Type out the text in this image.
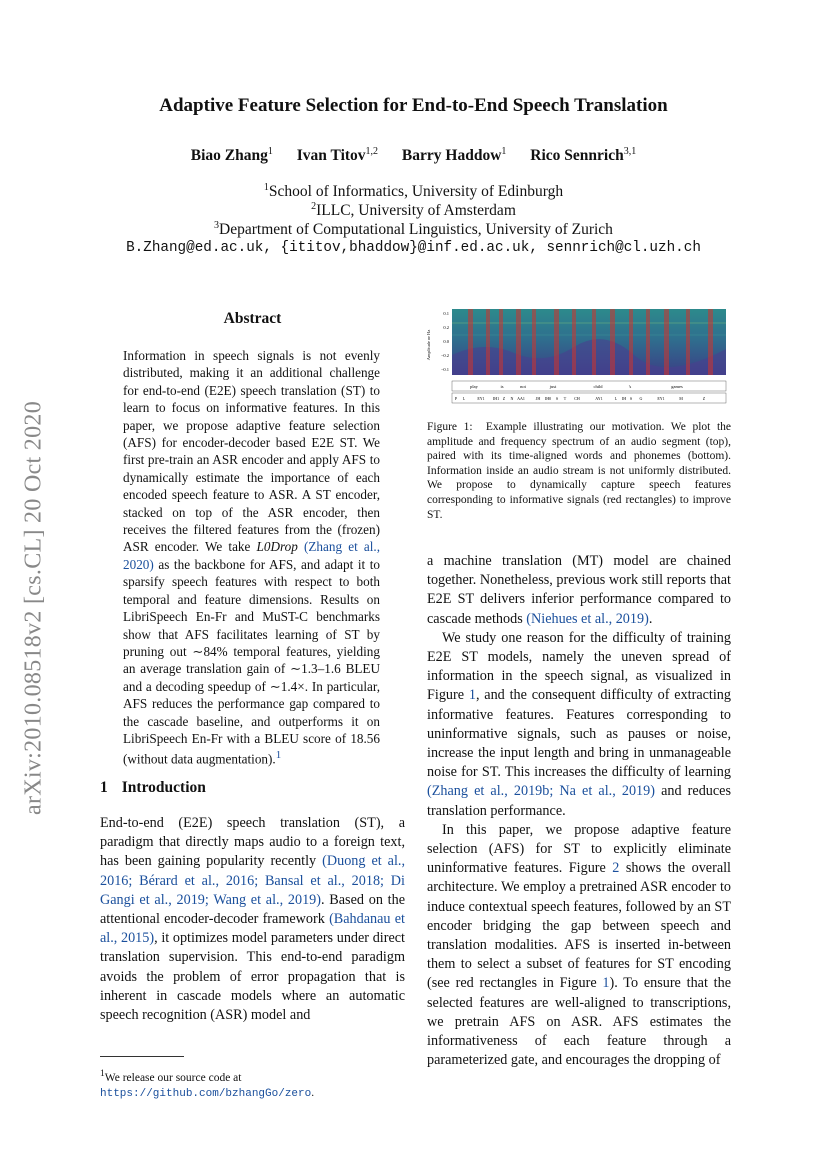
arXiv:2010.08518v2 [cs.CL] 20 Oct 2020
Adaptive Feature Selection for End-to-End Speech Translation
Biao Zhang$^1$ Ivan Titov$^{1,2}$ Barry Haddow$^1$ Rico Sennrich$^{3,1}$
$^1$School of Informatics, University of Edinburgh
$^2$ILLC, University of Amsterdam
$^3$Department of Computational Linguistics, University of Zurich
B.Zhang@ed.ac.uk, {ititov,bhaddow}@inf.ed.ac.uk, sennrich@cl.uzh.ch
Abstract
Information in speech signals is not evenly distributed, making it an additional challenge for end-to-end (E2E) speech translation (ST) to learn to focus on informative features. In this paper, we propose adaptive feature selection (AFS) for encoder-decoder based E2E ST. We first pre-train an ASR encoder and apply AFS to dynamically estimate the importance of each encoded speech feature to ASR. A ST encoder, stacked on top of the ASR encoder, then receives the filtered features from the (frozen) ASR encoder. We take L0Drop (Zhang et al., 2020) as the backbone for AFS, and adapt it to sparsify speech features with respect to both temporal and feature dimensions. Results on LibriSpeech En-Fr and MuST-C benchmarks show that AFS facilitates learning of ST by pruning out ∼84% temporal features, yielding an average translation gain of ∼1.3–1.6 BLEU and a decoding speedup of ∼1.4×. In particular, AFS reduces the performance gap compared to the cascade baseline, and outperforms it on LibriSpeech En-Fr with a BLEU score of 18.56 (without data augmentation).$^1$
1 Introduction

End-to-end (E2E) speech translation (ST), a paradigm that directly maps audio to a foreign text, has been gaining popularity recently (Duong et al., 2016; Bérard et al., 2016; Bansal et al., 2018; Di Gangi et al., 2019; Wang et al., 2019). Based on the attentional encoder-decoder framework (Bahdanau et al., 2015), it optimizes model parameters under direct translation supervision. This end-to-end paradigm avoids the problem of error propagation that is inherent in cascade models where an automatic speech recognition (ASR) model and

$^1$We release our source code at https://github.com/bzhangGo/zero.
Amplitude or Hz
0.1
0.2
0.0
−0.2
−0.1
play	is	not	just	child	's	games
P L	EY1 IH1 Z N AA1	JH IH0 S T CH	AY1	L IH S G	EY1	M	Z
Figure 1: Example illustrating our motivation. We plot the amplitude and frequency spectrum of an audio segment (top), paired with its time-aligned words and phonemes (bottom). Information inside an audio stream is not uniformly distributed. We propose to dynamically capture speech features corresponding to informative signals (red rectangles) to improve ST.

a machine translation (MT) model are chained together. Nonetheless, previous work still reports that E2E ST delivers inferior performance compared to cascade methods (Niehues et al., 2019).

We study one reason for the difficulty of training E2E ST models, namely the uneven spread of information in the speech signal, as visualized in Figure 1, and the consequent difficulty of extracting informative features. Features corresponding to uninformative signals, such as pauses or noise, increase the input length and bring in unmanageable noise for ST. This increases the difficulty of learning (Zhang et al., 2019b; Na et al., 2019) and reduces translation performance.

In this paper, we propose adaptive feature selection (AFS) for ST to explicitly eliminate uninformative features. Figure 2 shows the overall architecture. We employ a pretrained ASR encoder to induce contextual speech features, followed by an ST encoder bridging the gap between speech and translation modalities. AFS is inserted in-between them to select a subset of features for ST encoding (see red rectangles in Figure 1). To ensure that the selected features are well-aligned to transcriptions, we pretrain AFS on ASR. AFS estimates the informativeness of each feature through a parameterized gate, and encourages the dropping of
